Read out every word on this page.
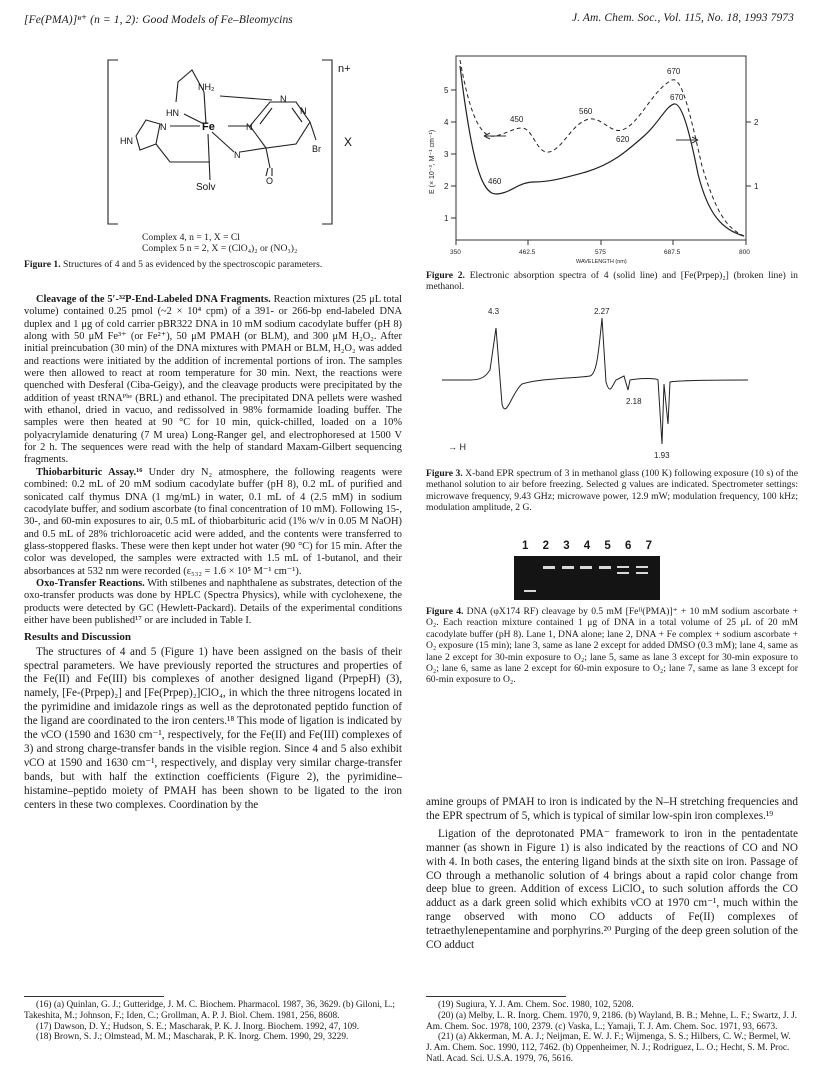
[Fe(PMA)]ⁿ⁺ (n = 1, 2): Good Models of Fe–Bleomycins	J. Am. Chem. Soc., Vol. 115, No. 18, 1993 7973
NH₂
HN
N
N
Fe	N
HN
N
N
Br
O
Solv
n+
X
Complex 4, n = 1, X = Cl
Complex 5 n = 2, X = (ClO₄)₂ or (NO₃)₂
Figure 1. Structures of 4 and 5 as evidenced by the spectroscopic parameters.

Cleavage of the 5′-³²P-End-Labeled DNA Fragments. Reaction mixtures (25 μL total volume) contained 0.25 pmol (~2 × 10⁴ cpm) of a 391- or 266-bp end-labeled DNA duplex and 1 μg of cold carrier pBR322 DNA in 10 mM sodium cacodylate buffer (pH 8) along with 50 μM Fe³⁺ (or Fe²⁺), 50 μM PMAH (or BLM), and 300 μM H₂O₂. After initial preincubation (30 min) of the DNA mixtures with PMAH or BLM, H₂O₂ was added and reactions were initiated by the addition of incremental portions of iron. The samples were then allowed to react at room temperature for 30 min. Next, the reactions were quenched with Desferal (Ciba-Geigy), and the cleavage products were precipitated by the addition of yeast tRNAᴾʰᵉ (BRL) and ethanol. The precipitated DNA pellets were washed with ethanol, dried in vacuo, and redissolved in 98% formamide loading buffer. The samples were then heated at 90 °C for 10 min, quick-chilled, loaded on a 10% polyacrylamide denaturing (7 M urea) Long-Ranger gel, and electrophoresed at 1500 V for 2 h. The sequences were read with the help of standard Maxam-Gilbert sequencing fragments.

Thiobarbituric Assay.¹⁶ Under dry N₂ atmosphere, the following reagents were combined: 0.2 mL of 20 mM sodium cacodylate buffer (pH 8), 0.2 mL of purified and sonicated calf thymus DNA (1 mg/mL) in water, 0.1 mL of 4 (2.5 mM) in sodium cacodylate buffer, and sodium ascorbate (to final concentration of 10 mM). Following 15-, 30-, and 60-min exposures to air, 0.5 mL of thiobarbituric acid (1% w/v in 0.05 M NaOH) and 0.5 mL of 28% trichloroacetic acid were added, and the contents were transferred to glass-stoppered flasks. These were then kept under hot water (90 °C) for 15 min. After the color was developed, the samples were extracted with 1.5 mL of 1-butanol, and their absorbances at 532 nm were recorded (ε₅₃₂ = 1.6 × 10⁵ M⁻¹ cm⁻¹).

Oxo-Transfer Reactions. With stilbenes and naphthalene as substrates, detection of the oxo-transfer products was done by HPLC (Spectra Physics), while with cyclohexene, the products were detected by GC (Hewlett-Packard). Details of the experimental conditions either have been published¹⁷ or are included in Table I.

Results and Discussion

The structures of 4 and 5 (Figure 1) have been assigned on the basis of their spectral parameters. We have previously reported the structures and properties of the Fe(II) and Fe(III) bis complexes of another designed ligand (PrpepH) (3), namely, [Fe-(Prpep)₂] and [Fe(Prpep)₂]ClO₄, in which the three nitrogens located in the pyrimidine and imidazole rings as well as the deprotonated peptido function of the ligand are coordinated to the iron centers.¹⁸ This mode of ligation is indicated by the νCO (1590 and 1630 cm⁻¹, respectively, for the Fe(II) and Fe(III) complexes of 3) and strong charge-transfer bands in the visible region. Since 4 and 5 also exhibit νCO at 1590 and 1630 cm⁻¹, respectively, and display very similar charge-transfer bands, but with half the extinction coefficients (Figure 2), the pyrimidine–histamine–peptido moiety of PMAH has been shown to be ligated to the iron centers in these two complexes. Coordination by the

(16) (a) Quinlan, G. J.; Gutteridge, J. M. C. Biochem. Pharmacol. 1987, 36, 3629. (b) Giloni, L.; Takeshita, M.; Johnson, F.; Iden, C.; Grollman, A. P. J. Biol. Chem. 1981, 256, 8608.

(17) Dawson, D. Y.; Hudson, S. E.; Mascharak, P. K. J. Inorg. Biochem. 1992, 47, 109.

(18) Brown, S. J.; Olmstead, M. M.; Mascharak, P. K. Inorg. Chem. 1990, 29, 3229.

670
670
560
620
450
460
5
4
3
2
1
2
1
350	462.5	575	687.5	800
WAVELENGTH (nm)
E (× 10⁻³, M⁻¹ cm⁻¹)
Figure 2. Electronic absorption spectra of 4 (solid line) and [Fe(Prpep)₂] (broken line) in methanol.
4.3	2.27
2.18
1.93
→ H
Figure 3. X-band EPR spectrum of 3 in methanol glass (100 K) following exposure (10 s) of the methanol solution to air before freezing. Selected g values are indicated. Spectrometer settings: microwave frequency, 9.43 GHz; microwave power, 12.9 mW; modulation frequency, 100 kHz; modulation amplitude, 2 G.
1 2 3 4 5 6 7
Figure 4. DNA (φX174 RF) cleavage by 0.5 mM [Feᴵᴵ(PMA)]⁺ + 10 mM sodium ascorbate + O₂. Each reaction mixture contained 1 μg of DNA in a total volume of 25 μL of 20 mM cacodylate buffer (pH 8). Lane 1, DNA alone; lane 2, DNA + Fe complex + sodium ascorbate + O₂ exposure (15 min); lane 3, same as lane 2 except for added DMSO (0.3 mM); lane 4, same as lane 2 except for 30-min exposure to O₂; lane 5, same as lane 3 except for 30-min exposure to O₂; lane 6, same as lane 2 except for 60-min exposure to O₂; lane 7, same as lane 3 except for 60-min exposure to O₂.

amine groups of PMAH to iron is indicated by the N–H stretching frequencies and the EPR spectrum of 5, which is typical of similar low-spin iron complexes.¹⁹

Ligation of the deprotonated PMA⁻ framework to iron in the pentadentate manner (as shown in Figure 1) is also indicated by the reactions of CO and NO with 4. In both cases, the entering ligand binds at the sixth site on iron. Passage of CO through a methanolic solution of 4 brings about a rapid color change from deep blue to green. Addition of excess LiClO₄ to such solution affords the CO adduct as a dark green solid which exhibits νCO at 1970 cm⁻¹, much within the range observed with mono CO adducts of Fe(II) complexes of tetraethylenepentamine and porphyrins.²⁰ Purging of the deep green solution of the CO adduct

(19) Sugiura, Y. J. Am. Chem. Soc. 1980, 102, 5208.

(20) (a) Melby, L. R. Inorg. Chem. 1970, 9, 2186. (b) Wayland, B. B.; Mehne, L. F.; Swartz, J. J. Am. Chem. Soc. 1978, 100, 2379. (c) Vaska, L.; Yamaji, T. J. Am. Chem. Soc. 1971, 93, 6673.

(21) (a) Akkerman, M. A. J.; Neijman, E. W. J. F.; Wijmenga, S. S.; Hilbers, C. W.; Bermel, W. J. Am. Chem. Soc. 1990, 112, 7462. (b) Oppenheimer, N. J.; Rodriguez, L. O.; Hecht, S. M. Proc. Natl. Acad. Sci. U.S.A. 1979, 76, 5616.
